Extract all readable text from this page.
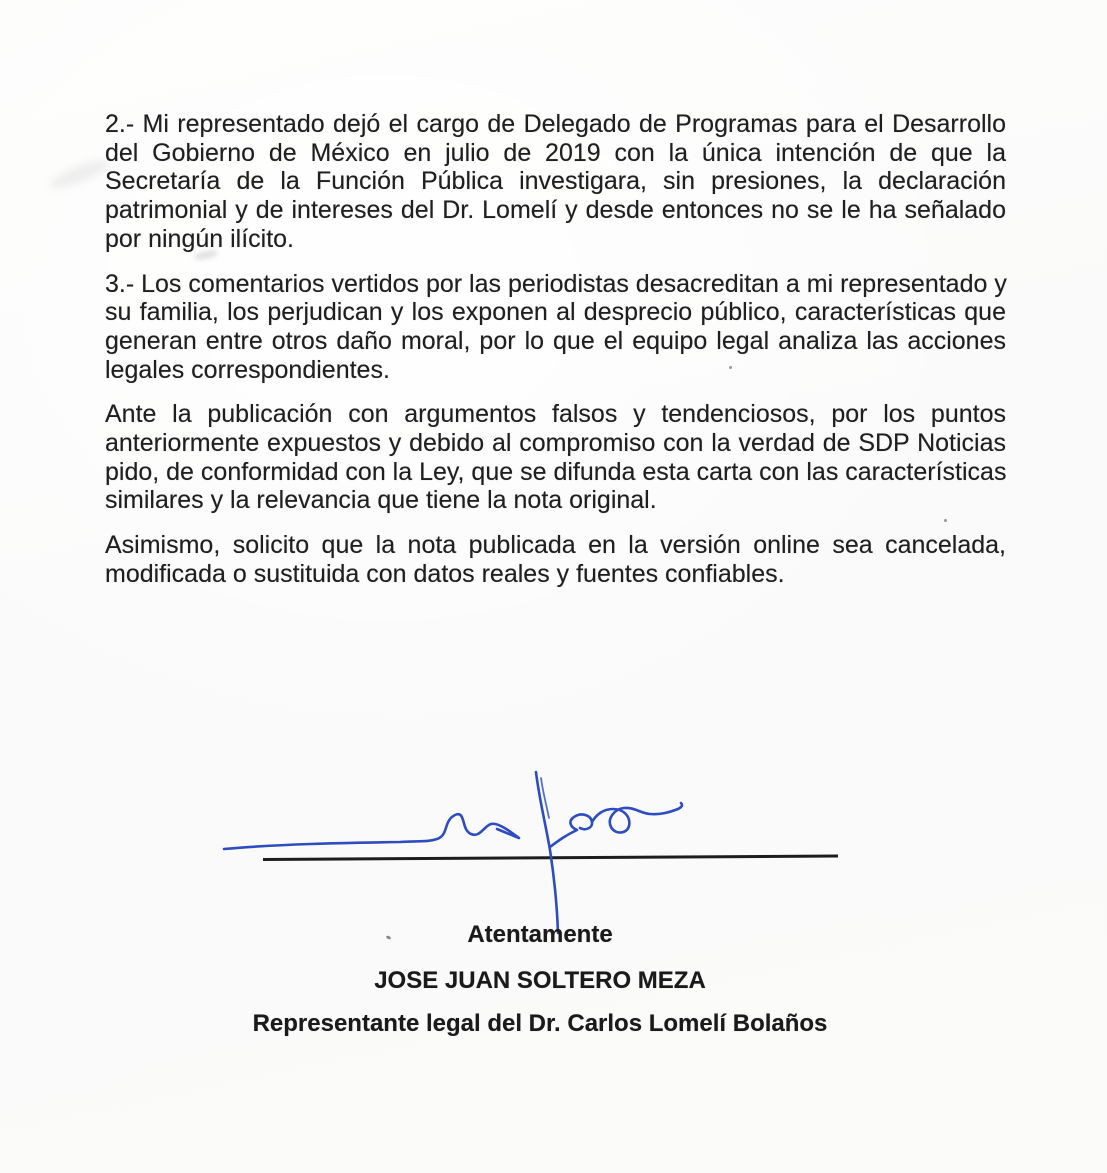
2.- Mi representado dejó el cargo de Delegado de Programas para el Desarrollo
del Gobierno de México en julio de 2019 con la única intención de que la
Secretaría de la Función Pública investigara, sin presiones, la declaración
patrimonial y de intereses del Dr. Lomelí y desde entonces no se le ha señalado
por ningún ilícito.
3.- Los comentarios vertidos por las periodistas desacreditan a mi representado y
su familia, los perjudican y los exponen al desprecio público, características que
generan entre otros daño moral, por lo que el equipo legal analiza las acciones
legales correspondientes.
Ante la publicación con argumentos falsos y tendenciosos, por los puntos
anteriormente expuestos y debido al compromiso con la verdad de SDP Noticias
pido, de conformidad con la Ley, que se difunda esta carta con las características
similares y la relevancia que tiene la nota original.
Asimismo, solicito que la nota publicada en la versión online sea cancelada,
modificada o sustituida con datos reales y fuentes confiables.
Atentamente
JOSE JUAN SOLTERO MEZA
Representante legal del Dr. Carlos Lomelí Bolaños
